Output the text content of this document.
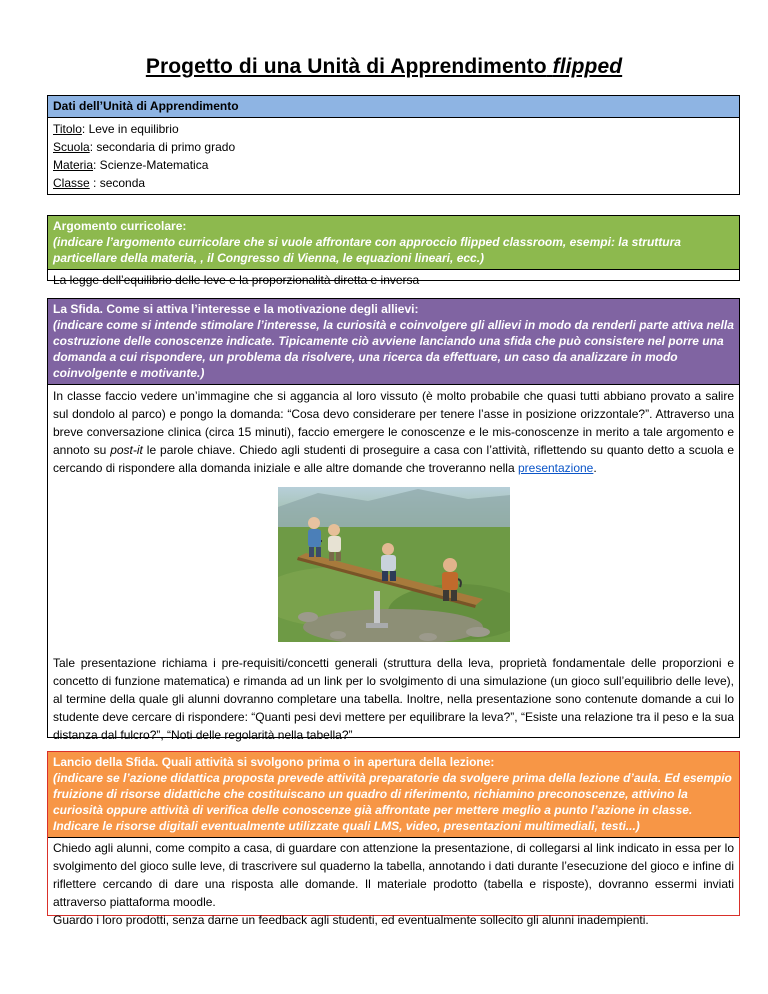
Progetto di una Unità di Apprendimento flipped
Dati dell’Unità di Apprendimento
Titolo: Leve in equilibrio
Scuola: secondaria di primo grado
Materia: Scienze-Matematica
Classe : seconda
Argomento curricolare:
(indicare l’argomento curricolare che si vuole affrontare con approccio flipped classroom, esempi: la struttura particellare della materia, , il Congresso di Vienna, le equazioni lineari, ecc.)
La legge dell’equilibrio delle leve e la proporzionalità diretta e inversa
La Sfida. Come si attiva l’interesse e la motivazione degli allievi:
(indicare come si intende stimolare l’interesse, la curiosità e coinvolgere gli allievi in modo da renderli parte attiva nella costruzione delle conoscenze indicate. Tipicamente ciò avviene lanciando una sfida che può consistere nel porre una domanda a cui rispondere, un problema da risolvere, una ricerca da effettuare, un caso da analizzare in modo coinvolgente e motivante.)
In classe faccio vedere un’immagine che si aggancia al loro vissuto (è molto probabile che quasi tutti abbiano provato a salire sul dondolo al parco) e pongo la domanda: “Cosa devo considerare per tenere l’asse in posizione orizzontale?”. Attraverso una breve conversazione clinica (circa 15 minuti), faccio emergere le conoscenze e le mis-conoscenze in merito a tale argomento e annoto su post-it le parole chiave. Chiedo agli studenti di proseguire a casa con l’attività, riflettendo su quanto detto a scuola e cercando di rispondere alla domanda iniziale e alle altre domande che troveranno nella presentazione.
Tale presentazione richiama i pre-requisiti/concetti generali (struttura della leva, proprietà fondamentale delle proporzioni e concetto di funzione matematica) e rimanda ad un link per lo svolgimento di una simulazione (un gioco sull’equilibrio delle leve), al termine della quale gli alunni dovranno completare una tabella. Inoltre, nella presentazione sono contenute domande a cui lo studente deve cercare di rispondere: “Quanti pesi devi mettere per equilibrare la leva?”, “Esiste una relazione tra il peso e la sua distanza dal fulcro?”, “Noti delle regolarità nella tabella?”
Lancio della Sfida. Quali attività si svolgono prima o in apertura della lezione:
(indicare se l’azione didattica proposta prevede attività preparatorie da svolgere prima della lezione d’aula. Ed esempio fruizione di risorse didattiche che costituiscano un quadro di riferimento, richiamino preconoscenze, attivino la curiosità oppure attività di verifica delle conoscenze già affrontate per mettere meglio a punto l’azione in classe. Indicare le risorse digitali eventualmente utilizzate quali LMS, video, presentazioni multimediali, testi...)
Chiedo agli alunni, come compito a casa, di guardare con attenzione la presentazione, di collegarsi al link indicato in essa per lo svolgimento del gioco sulle leve, di trascrivere sul quaderno la tabella, annotando i dati durante l’esecuzione del gioco e infine di riflettere cercando di dare una risposta alle domande. Il materiale prodotto (tabella e risposte), dovranno essermi inviati attraverso piattaforma moodle.
Guardo i loro prodotti, senza darne un feedback agli studenti, ed eventualmente sollecito gli alunni inadempienti.
